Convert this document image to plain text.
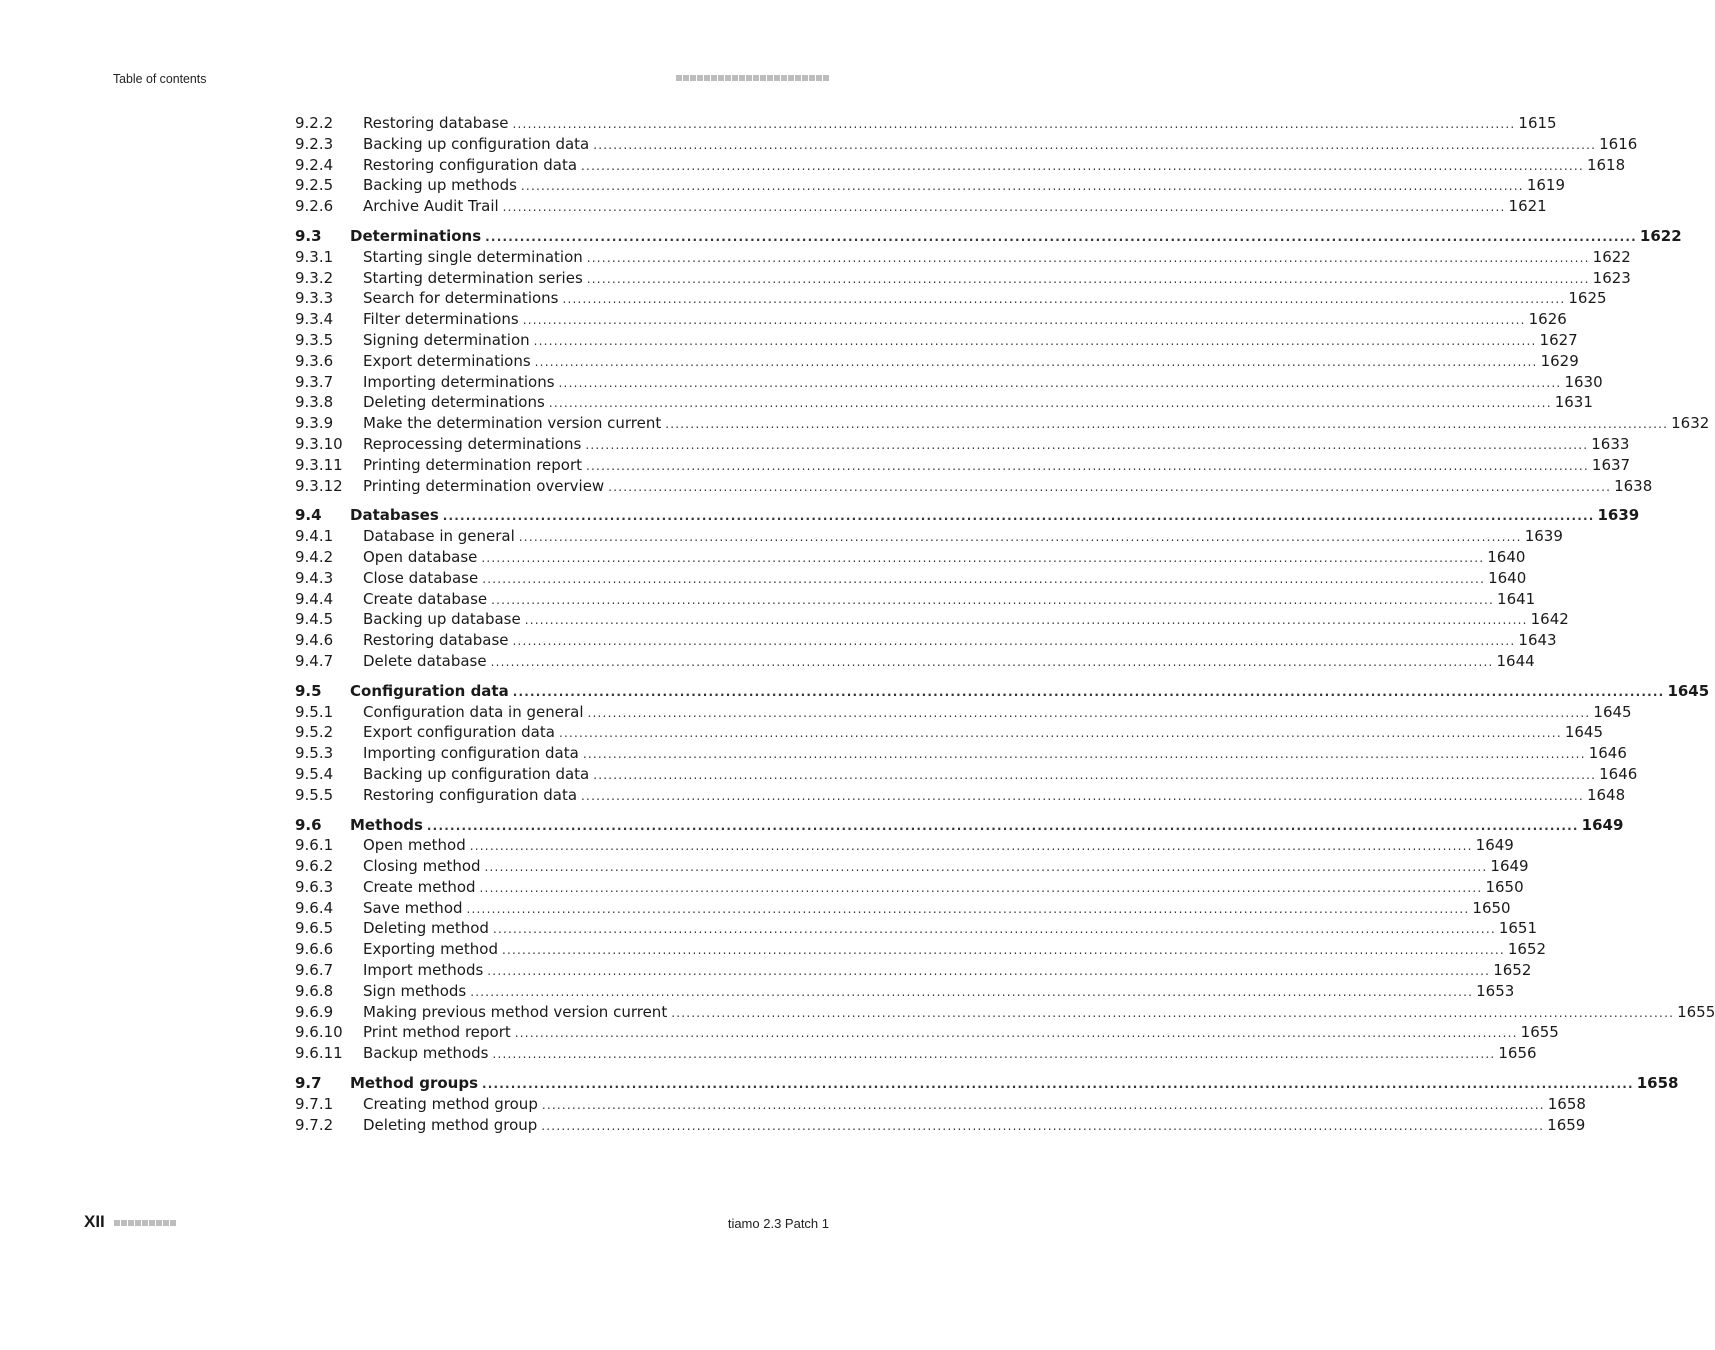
Table of contents
9.2.2	Restoring database ........................................................................................................................................................................................................ 1615
9.2.3	Backing up configuration data ........................................................................................................................................................................................................ 1616
9.2.4	Restoring configuration data ........................................................................................................................................................................................................ 1618
9.2.5	Backing up methods ........................................................................................................................................................................................................ 1619
9.2.6	Archive Audit Trail ........................................................................................................................................................................................................ 1621
9.3	Determinations ........................................................................................................................................................................................................ 1622
9.3.1	Starting single determination ........................................................................................................................................................................................................ 1622
9.3.2	Starting determination series ........................................................................................................................................................................................................ 1623
9.3.3	Search for determinations ........................................................................................................................................................................................................ 1625
9.3.4	Filter determinations ........................................................................................................................................................................................................ 1626
9.3.5	Signing determination ........................................................................................................................................................................................................ 1627
9.3.6	Export determinations ........................................................................................................................................................................................................ 1629
9.3.7	Importing determinations ........................................................................................................................................................................................................ 1630
9.3.8	Deleting determinations ........................................................................................................................................................................................................ 1631
9.3.9	Make the determination version current ........................................................................................................................................................................................................ 1632
9.3.10	Reprocessing determinations ........................................................................................................................................................................................................ 1633
9.3.11	Printing determination report ........................................................................................................................................................................................................ 1637
9.3.12	Printing determination overview ........................................................................................................................................................................................................ 1638
9.4	Databases ........................................................................................................................................................................................................ 1639
9.4.1	Database in general ........................................................................................................................................................................................................ 1639
9.4.2	Open database ........................................................................................................................................................................................................ 1640
9.4.3	Close database ........................................................................................................................................................................................................ 1640
9.4.4	Create database ........................................................................................................................................................................................................ 1641
9.4.5	Backing up database ........................................................................................................................................................................................................ 1642
9.4.6	Restoring database ........................................................................................................................................................................................................ 1643
9.4.7	Delete database ........................................................................................................................................................................................................ 1644
9.5	Configuration data ........................................................................................................................................................................................................ 1645
9.5.1	Configuration data in general ........................................................................................................................................................................................................ 1645
9.5.2	Export configuration data ........................................................................................................................................................................................................ 1645
9.5.3	Importing configuration data ........................................................................................................................................................................................................ 1646
9.5.4	Backing up configuration data ........................................................................................................................................................................................................ 1646
9.5.5	Restoring configuration data ........................................................................................................................................................................................................ 1648
9.6	Methods ........................................................................................................................................................................................................ 1649
9.6.1	Open method ........................................................................................................................................................................................................ 1649
9.6.2	Closing method ........................................................................................................................................................................................................ 1649
9.6.3	Create method ........................................................................................................................................................................................................ 1650
9.6.4	Save method ........................................................................................................................................................................................................ 1650
9.6.5	Deleting method ........................................................................................................................................................................................................ 1651
9.6.6	Exporting method ........................................................................................................................................................................................................ 1652
9.6.7	Import methods ........................................................................................................................................................................................................ 1652
9.6.8	Sign methods ........................................................................................................................................................................................................ 1653
9.6.9	Making previous method version current ........................................................................................................................................................................................................ 1655
9.6.10	Print method report ........................................................................................................................................................................................................ 1655
9.6.11	Backup methods ........................................................................................................................................................................................................ 1656
9.7	Method groups ........................................................................................................................................................................................................ 1658
9.7.1	Creating method group ........................................................................................................................................................................................................ 1658
9.7.2	Deleting method group ........................................................................................................................................................................................................ 1659
XII	tiamo 2.3 Patch 1
